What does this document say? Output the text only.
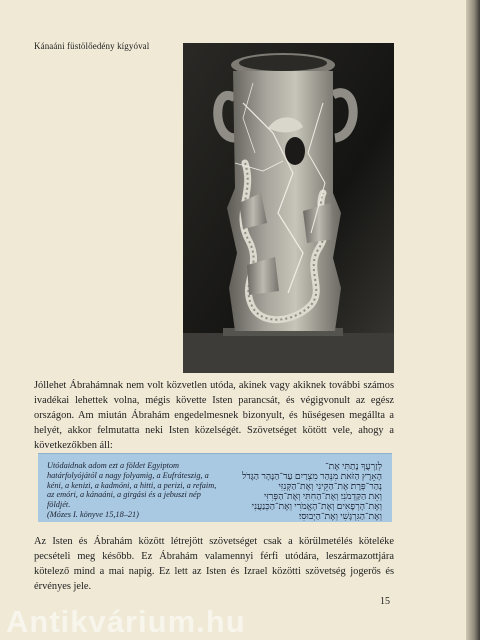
Kánaáni füstölőedény kígyóval

Jóllehet Ábrahámnak nem volt közvetlen utóda, akinek vagy akiknek további számos ivadékai lehettek volna, mégis követte Isten parancsát, és végigvonult az egész országon. Am miután Ábrahám engedelmesnek bizonyult, és hűségesen megállta a helyét, akkor felmutatta neki Isten közelségét. Szövetséget kötött vele, ahogy a következőkben áll:

Utódaidnak adom ezt a földet Egyiptom határfolyójától a nagy folyamig, a Eufráteszig, a kéni, a kenizi, a kadmóni, a hitti, a perizi, a refaim, az emóri, a kánaáni, a girgási és a jebuszi nép földjét.
(Mózes I. könyve 15,18–21)

לְזַרְעֲךָ נָתַתִּי אֶת־
הָאָרֶץ הַזֹּאת מִנְּהַר מִצְרַיִם עַד־הַנָּהָר הַגָּדֹל
נְהַר־פְּרָת׃ אֶת־הַקֵּינִי וְאֶת־הַקְּנִזִּי
וְאֵת הַקַּדְמֹנִי׃ וְאֶת־הַחִתִּי וְאֶת־הַפְּרִזִּי
וְאֶת־הָרְפָאִים׃ וְאֶת־הָאֱמֹרִי וְאֶת־הַכְּנַעֲנִי
וְאֶת־הַגִּרְגָּשִׁי וְאֶת־הַיְבוּסִי׃

Az Isten és Ábrahám között létrejött szövetséget csak a körülmetélés kötelékе pecsételi meg később. Ez Ábrahám valamennyi férfi utódára, leszármazottjára kötelező mind a mai napig. Ez lett az Isten és Izrael közötti szövetség jogerős és érvényes jele.

15
Antikvárium.hu
